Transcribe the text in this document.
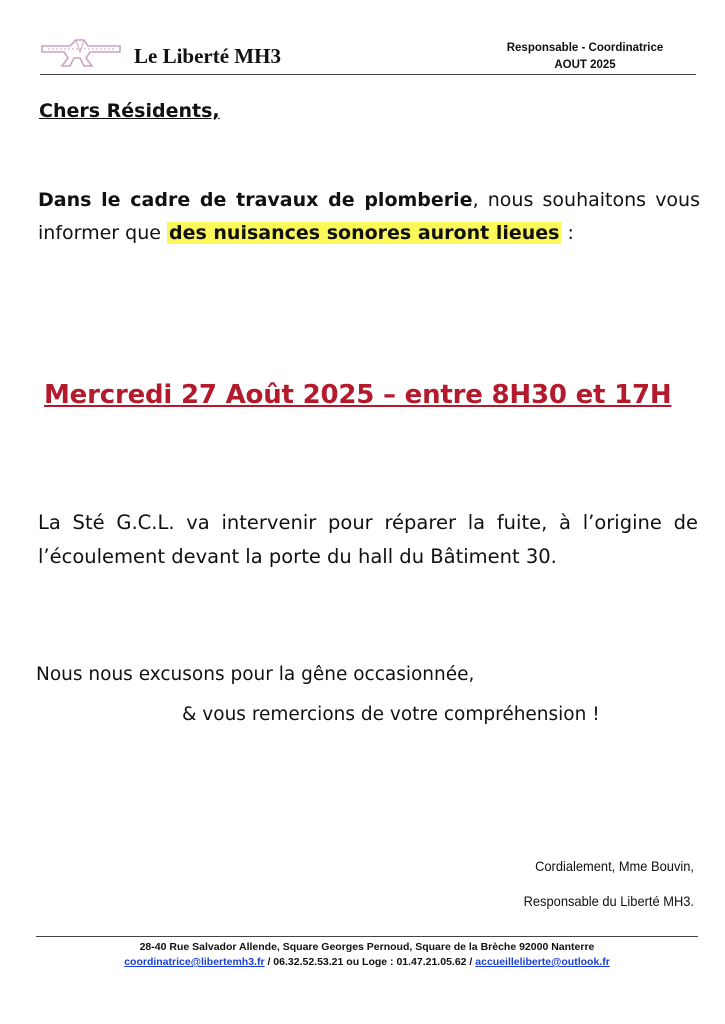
Le Liberté MH3	Responsable - Coordinatrice
AOUT 2025
Chers Résidents,
Dans le cadre de travaux de plomberie, nous souhaitons vous informer que des nuisances sonores auront lieues :
Mercredi 27 Août 2025 – entre 8H30 et 17H
La Sté G.C.L. va intervenir pour réparer la fuite, à l’origine de l’écoulement devant la porte du hall du Bâtiment 30.
Nous nous excusons pour la gêne occasionnée,
& vous remercions de votre compréhension !
Cordialement, Mme Bouvin,
Responsable du Liberté MH3.
28-40 Rue Salvador Allende, Square Georges Pernoud, Square de la Brèche 92000 Nanterre
coordinatrice@libertemh3.fr / 06.32.52.53.21 ou Loge : 01.47.21.05.62 / accueilleliberte@outlook.fr
